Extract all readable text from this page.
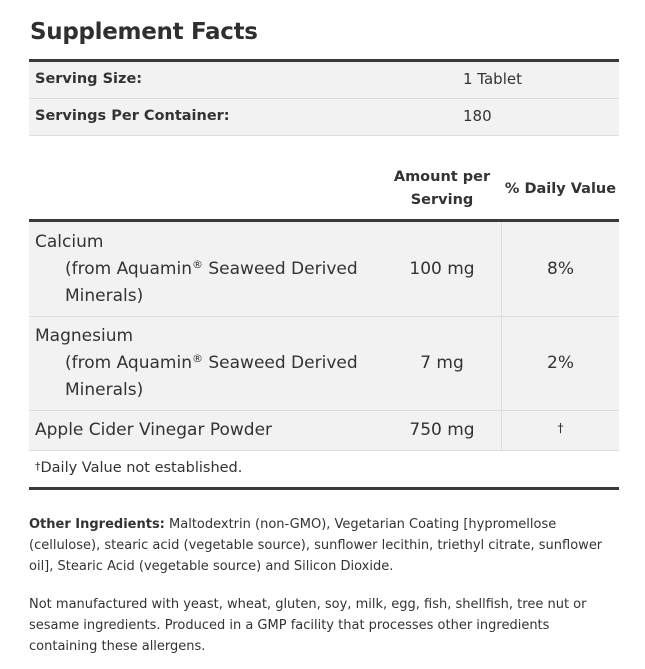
Supplement Facts
Serving Size:	1 Tablet
Servings Per Container:	180
Amount per
Serving
% Daily Value
Calcium
(from Aquamin® Seaweed Derived
Minerals)
100 mg	8%
Magnesium
(from Aquamin® Seaweed Derived
Minerals)
7 mg	2%
Apple Cider Vinegar Powder	750 mg	†
†Daily Value not established.
Other Ingredients: Maltodextrin (non-GMO), Vegetarian Coating [hypromellose (cellulose), stearic acid (vegetable source), sunflower lecithin, triethyl citrate, sunflower oil], Stearic Acid (vegetable source) and Silicon Dioxide.
Not manufactured with yeast, wheat, gluten, soy, milk, egg, fish, shellfish, tree nut or sesame ingredients. Produced in a GMP facility that processes other ingredients containing these allergens.
